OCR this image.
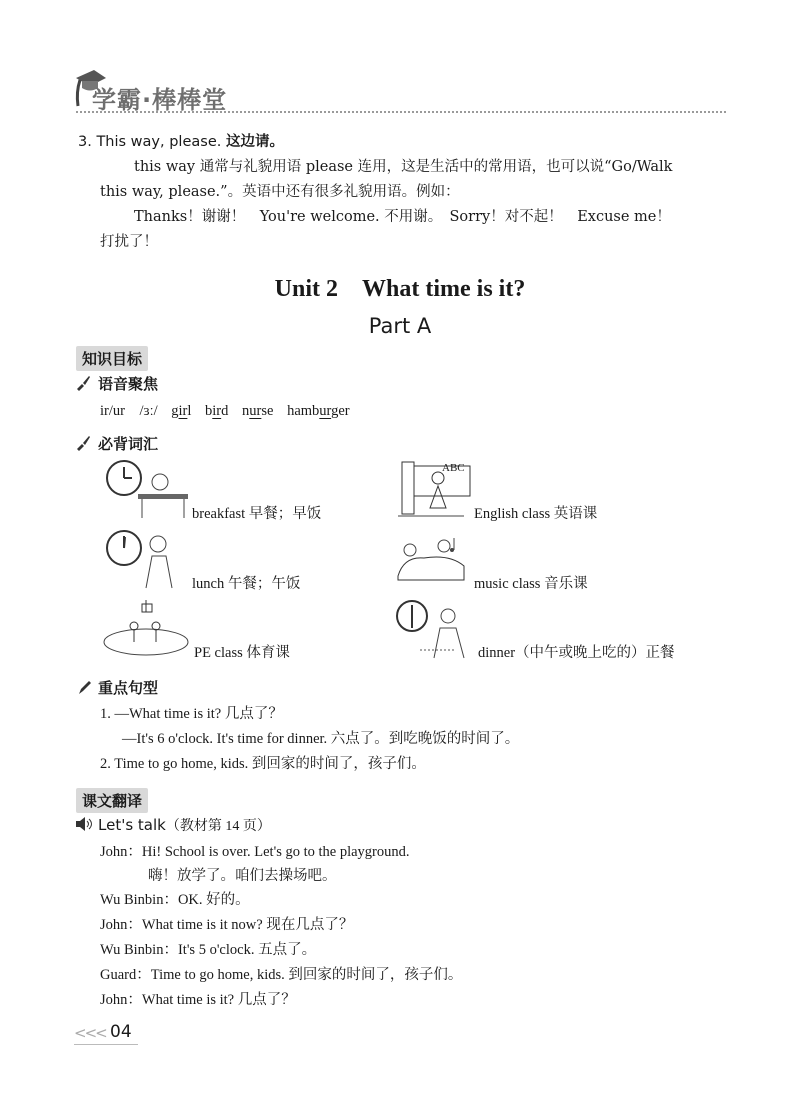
学霸·棒棒堂
3. This way, please. 这边请。
this way 通常与礼貌用语 please 连用，这是生活中的常用语，也可以说“Go/Walk
this way, please.”。英语中还有很多礼貌用语。例如：
Thanks！谢谢！　You're welcome. 不用谢。　Sorry！对不起！　Excuse me！
打扰了！
Unit 2　What time is it?
Part A
知识目标
语音聚焦
ir/ur　/ɜː/ girl bird nurse hamburger
必背词汇
breakfast 早餐；早饭
ABC
English class 英语课
lunch 午餐；午饭	music class 音乐课
PE class 体育课	dinner（中午或晚上吃的）正餐
重点句型
1. —What time is it? 几点了？
—It's 6 o'clock. It's time for dinner. 六点了。到吃晚饭的时间了。
2. Time to go home, kids. 到回家的时间了，孩子们。
课文翻译
Let's talk（教材第 14 页）
John：Hi! School is over. Let's go to the playground.
嗨！放学了。咱们去操场吧。
Wu Binbin：OK. 好的。
John：What time is it now? 现在几点了？
Wu Binbin：It's 5 o'clock. 五点了。
Guard：Time to go home, kids. 到回家的时间了，孩子们。
John：What time is it? 几点了？
<<< 04
